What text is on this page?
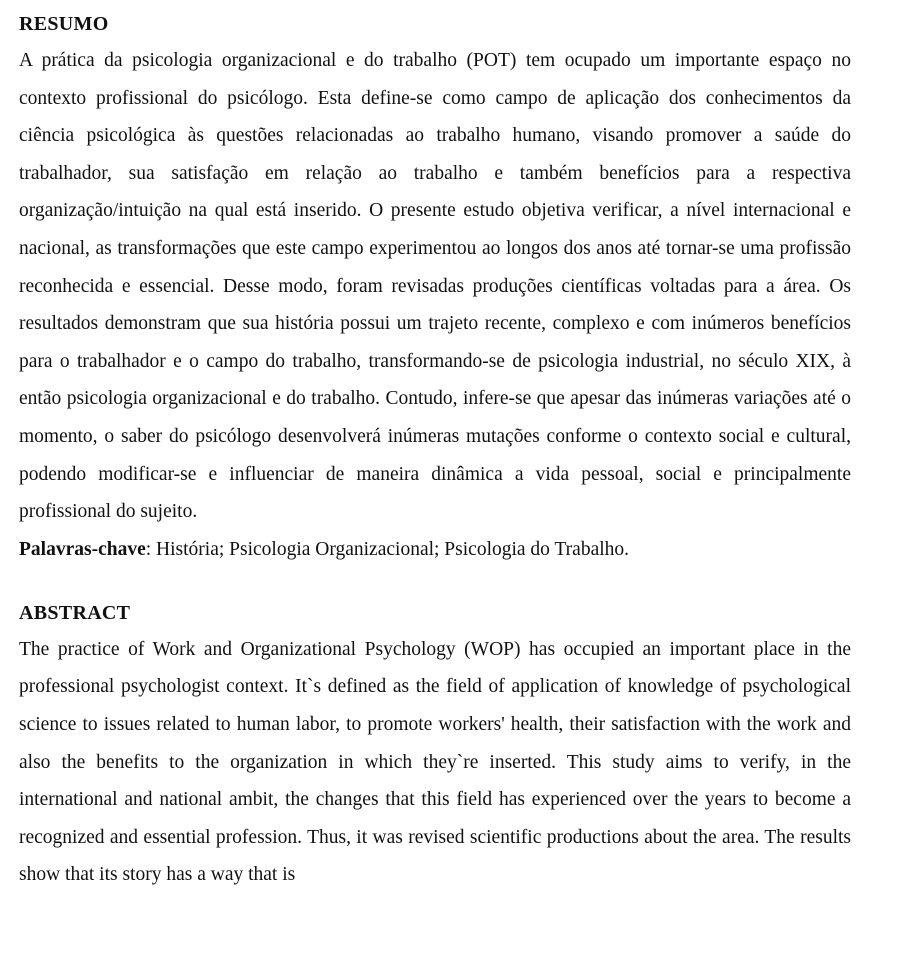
RESUMO

A prática da psicologia organizacional e do trabalho (POT) tem ocupado um importante espaço no contexto profissional do psicólogo. Esta define-se como campo de aplicação dos conhecimentos da ciência psicológica às questões relacionadas ao trabalho humano, visando promover a saúde do trabalhador, sua satisfação em relação ao trabalho e também benefícios para a respectiva organização/intuição na qual está inserido. O presente estudo objetiva verificar, a nível internacional e nacional, as transformações que este campo experimentou ao longos dos anos até tornar-se uma profissão reconhecida e essencial. Desse modo, foram revisadas produções científicas voltadas para a área. Os resultados demonstram que sua história possui um trajeto recente, complexo e com inúmeros benefícios para o trabalhador e o campo do trabalho, transformando-se de psicologia industrial, no século XIX, à então psicologia organizacional e do trabalho. Contudo, infere-se que apesar das inúmeras variações até o momento, o saber do psicólogo desenvolverá inúmeras mutações conforme o contexto social e cultural, podendo modificar-se e influenciar de maneira dinâmica a vida pessoal, social e principalmente profissional do sujeito.

Palavras-chave: História; Psicologia Organizacional; Psicologia do Trabalho.

ABSTRACT

The practice of Work and Organizational Psychology (WOP) has occupied an important place in the professional psychologist context. It`s defined as the field of application of knowledge of psychological science to issues related to human labor, to promote workers' health, their satisfaction with the work and also the benefits to the organization in which they`re inserted. This study aims to verify, in the international and national ambit, the changes that this field has experienced over the years to become a recognized and essential profession. Thus, it was revised scientific productions about the area. The results show that its story has a way that is
